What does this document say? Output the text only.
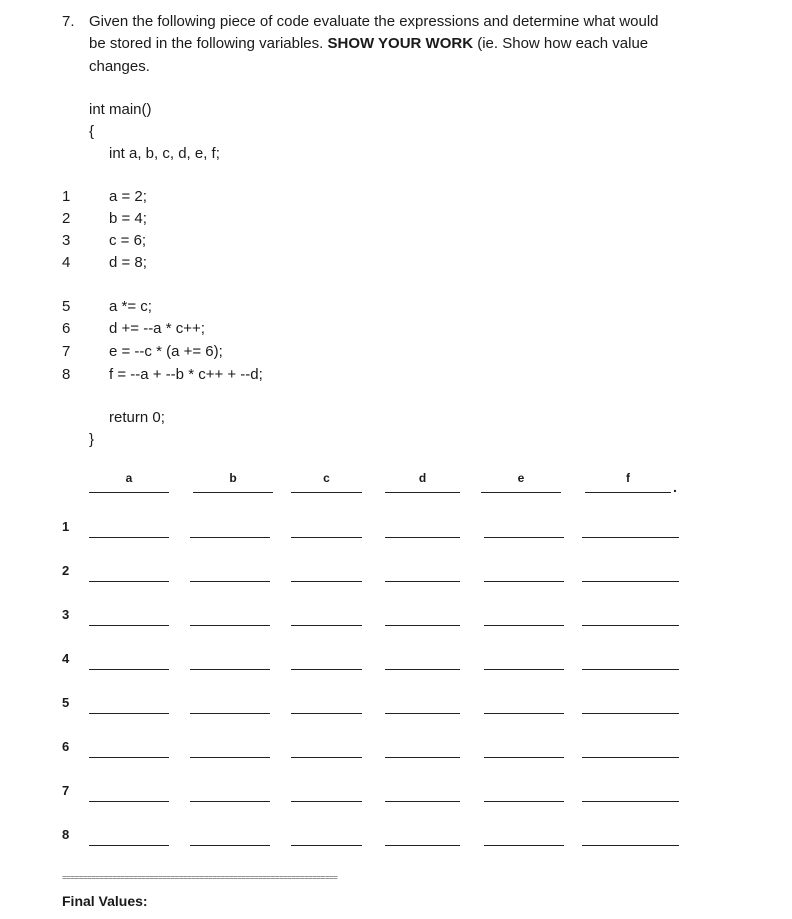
7. Given the following piece of code evaluate the expressions and determine what would
be stored in the following variables. SHOW YOUR WORK (ie. Show how each value
changes.
int main()
{
int a, b, c, d, e, f;
1	a = 2;
2	b = 4;
3	c = 6;
4	d = 8;
5	a *= c;
6	d += --a * c++;
7	e = --c * (a += 6);
8	f = --a + --b * c++ + --d;
return 0;
}
a	b	c	d	e	f
.
1
2
3
4
5
6
7
8
==================================================================
Final Values:
